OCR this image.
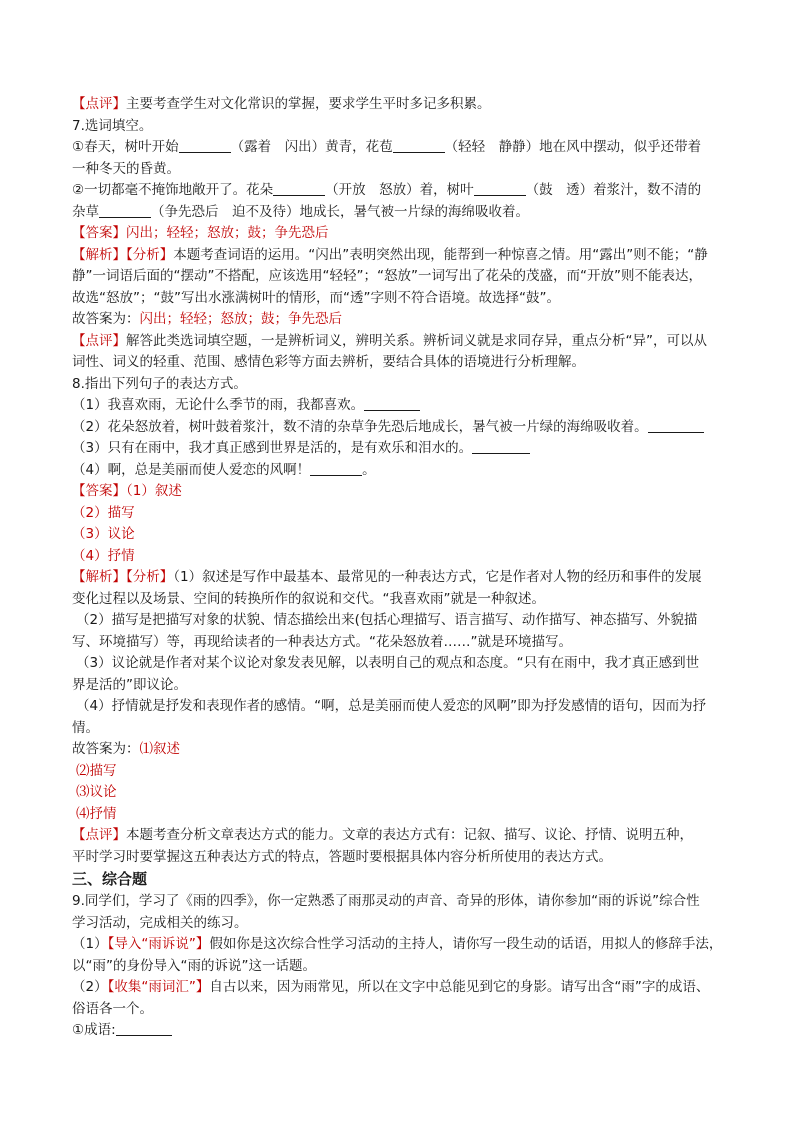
【点评】主要考查学生对文化常识的掌握，要求学生平时多记多积累。
7.选词填空。
①春天，树叶开始	（露着　闪出）黄青，花苞	（轻轻　静静）地在风中摆动，似乎还带着
一种冬天的昏黄。
②一切都毫不掩饰地敞开了。花朵	（开放　怒放）着，树叶	（鼓　透）着浆汁，数不清的
杂草	（争先恐后　迫不及待）地成长，暑气被一片绿的海绵吸收着。
【答案】闪出；轻轻；怒放；鼓；争先恐后
【解析】【分析】本题考查词语的运用。“闪出”表明突然出现，能帮到一种惊喜之情。用“露出”则不能；“静
静”一词语后面的“摆动”不搭配，应该选用“轻轻”；“怒放”一词写出了花朵的茂盛，而“开放”则不能表达，
故选“怒放”；“鼓”写出水涨满树叶的情形，而“透”字则不符合语境。故选择“鼓”。
故答案为：闪出；轻轻；怒放；鼓；争先恐后
【点评】解答此类选词填空题，一是辨析词义，辨明关系。辨析词义就是求同存异，重点分析“异”，可以从
词性、词义的轻重、范围、感情色彩等方面去辨析，要结合具体的语境进行分析理解。
8.指出下列句子的表达方式。
（1）我喜欢雨，无论什么季节的雨，我都喜欢。
（2）花朵怒放着，树叶鼓着浆汁，数不清的杂草争先恐后地成长，暑气被一片绿的海绵吸收着。
（3）只有在雨中，我才真正感到世界是活的，是有欢乐和泪水的。
（4）啊，总是美丽而使人爱恋的风啊！	。
【答案】（1）叙述
（2）描写
（3）议论
（4）抒情
【解析】【分析】（1）叙述是写作中最基本、最常见的一种表达方式，它是作者对人物的经历和事件的发展
变化过程以及场景、空间的转换所作的叙说和交代。“我喜欢雨”就是一种叙述。
（2）描写是把描写对象的状貌、情态描绘出来(包括心理描写、语言描写、动作描写、神态描写、外貌描
写、环境描写）等，再现给读者的一种表达方式。“花朵怒放着……”就是环境描写。
（3）议论就是作者对某个议论对象发表见解，以表明自己的观点和态度。“只有在雨中，我才真正感到世
界是活的”即议论。
（4）抒情就是抒发和表现作者的感情。“啊，总是美丽而使人爱恋的风啊”即为抒发感情的语句，因而为抒
情。
故答案为：⑴叙述
⑵描写
⑶议论
⑷抒情
【点评】本题考查分析文章表达方式的能力。文章的表达方式有：记叙、描写、议论、抒情、说明五种，
平时学习时要掌握这五种表达方式的特点，答题时要根据具体内容分析所使用的表达方式。
三、综合题
9.同学们，学习了《雨的四季》，你一定熟悉了雨那灵动的声音、奇异的形体，请你参加“雨的诉说”综合性
学习活动，完成相关的练习。
（1）【导入“雨诉说”】假如你是这次综合性学习活动的主持人，请你写一段生动的话语，用拟人的修辞手法，
以“雨”的身份导入“雨的诉说”这一话题。
（2）【收集“雨词汇”】自古以来，因为雨常见，所以在文字中总能见到它的身影。请写出含“雨”字的成语、
俗语各一个。
①成语:
